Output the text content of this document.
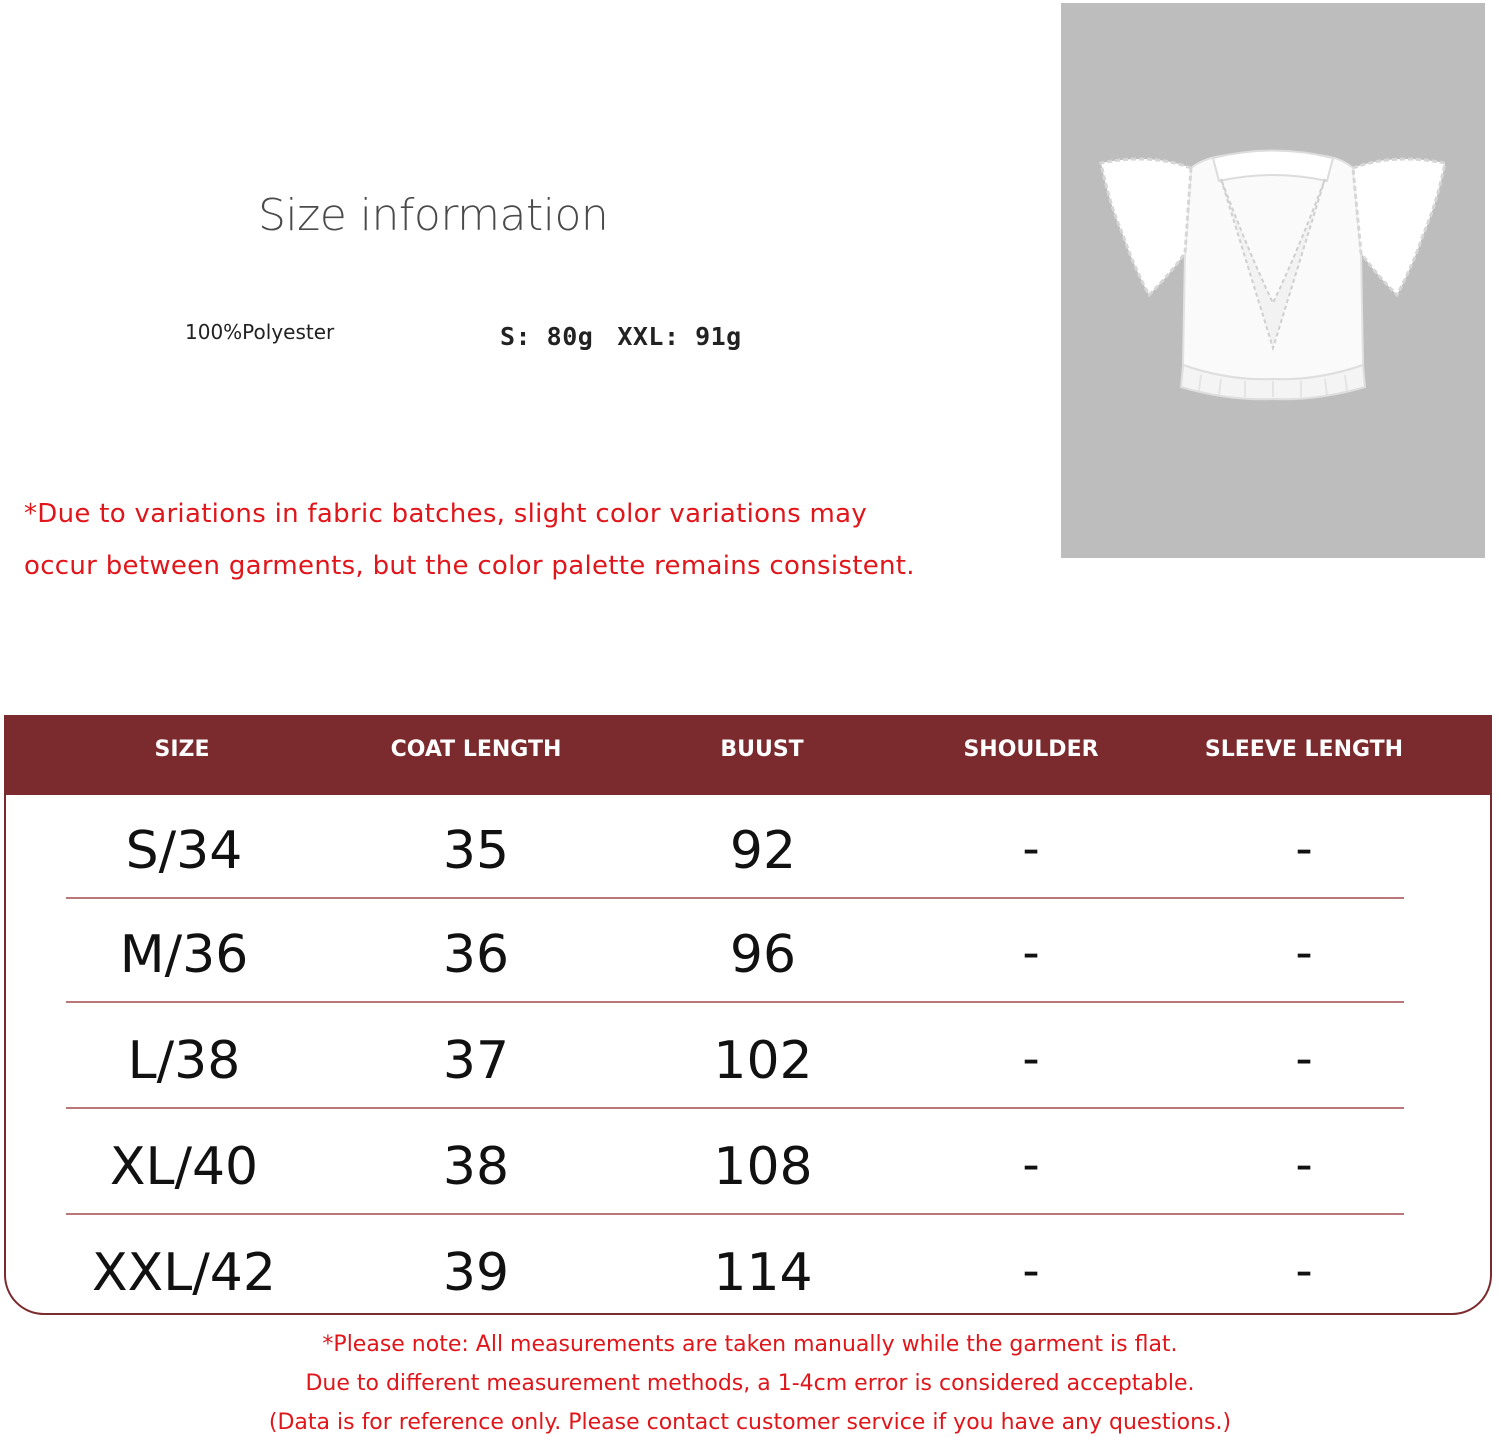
Size information
100%Polyester	S: 80g XXL: 91g
*Due to variations in fabric batches, slight color variations may
occur between garments, but the color palette remains consistent.
SIZE	COAT LENGTH	BUUST	SHOULDER	SLEEVE LENGTH
S/34	35	92	-	-
M/36	36	96	-	-
L/38	37	102	-	-
XL/40	38	108	-	-
XXL/42	39	114	-	-
*Please note: All measurements are taken manually while the garment is flat.
Due to different measurement methods, a 1-4cm error is considered acceptable.
(Data is for reference only. Please contact customer service if you have any questions.)
